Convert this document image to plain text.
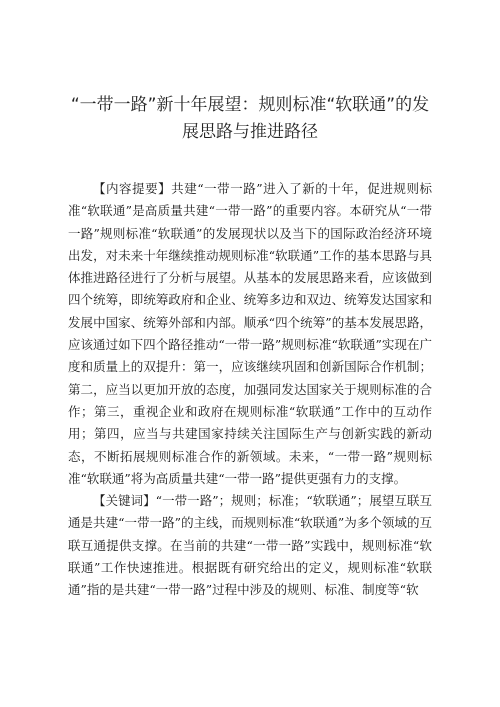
“一带一路”新十年展望：规则标准“软联通”的发
展思路与推进路径

【内容提要】共建“一带一路”进入了新的十年，促进规则标准“软联通”是高质量共建“一带一路”的重要内容。本研究从“一带一路”规则标准“软联通”的发展现状以及当下的国际政治经济环境出发，对未来十年继续推动规则标准“软联通”工作的基本思路与具体推进路径进行了分析与展望。从基本的发展思路来看，应该做到四个统筹，即统筹政府和企业、统筹多边和双边、统筹发达国家和发展中国家、统筹外部和内部。顺承“四个统筹”的基本发展思路，应该通过如下四个路径推动“一带一路”规则标准“软联通”实现在广度和质量上的双提升：第一，应该继续巩固和创新国际合作机制；第二，应当以更加开放的态度，加强同发达国家关于规则标准的合作；第三，重视企业和政府在规则标准“软联通”工作中的互动作用；第四，应当与共建国家持续关注国际生产与创新实践的新动态，不断拓展规则标准合作的新领域。未来，“一带一路”规则标准“软联通”将为高质量共建“一带一路”提供更强有力的支撑。

【关键词】“一带一路”；规则；标准；“软联通”；展望互联互通是共建“一带一路”的主线，而规则标准“软联通”为多个领域的互联互通提供支撑。在当前的共建“一带一路”实践中，规则标准“软联通”工作快速推进。根据既有研究给出的定义，规则标准“软联通”指的是共建“一带一路”过程中涉及的规则、标准、制度等“软
